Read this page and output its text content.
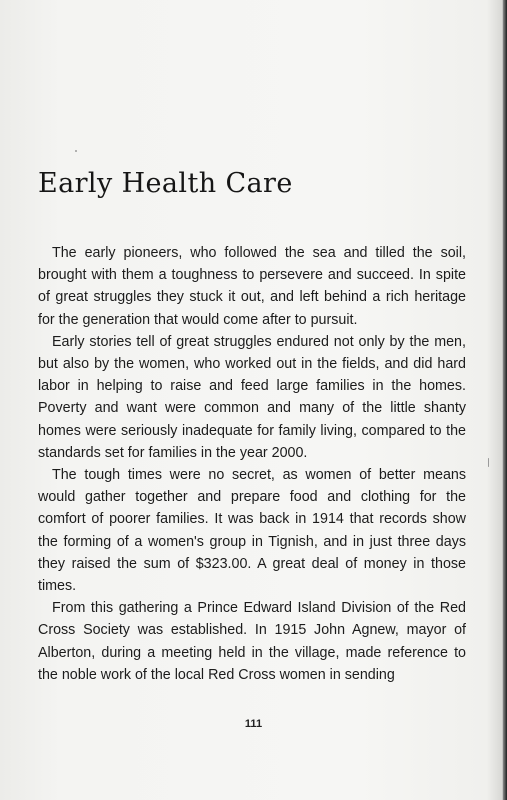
Early Health Care

The early pioneers, who followed the sea and tilled the soil, brought with them a toughness to persevere and succeed. In spite of great struggles they stuck it out, and left behind a rich heritage for the generation that would come after to pursuit.

Early stories tell of great struggles endured not only by the men, but also by the women, who worked out in the fields, and did hard labor in helping to raise and feed large families in the homes. Poverty and want were common and many of the little shanty homes were seriously inadequate for family living, compared to the standards set for families in the year 2000.

The tough times were no secret, as women of better means would gather together and prepare food and clothing for the comfort of poorer families. It was back in 1914 that records show the forming of a women's group in Tignish, and in just three days they raised the sum of $323.00. A great deal of money in those times.

From this gathering a Prince Edward Island Division of the Red Cross Society was established. In 1915 John Agnew, mayor of Alberton, during a meeting held in the village, made reference to the noble work of the local Red Cross women in sending

111
